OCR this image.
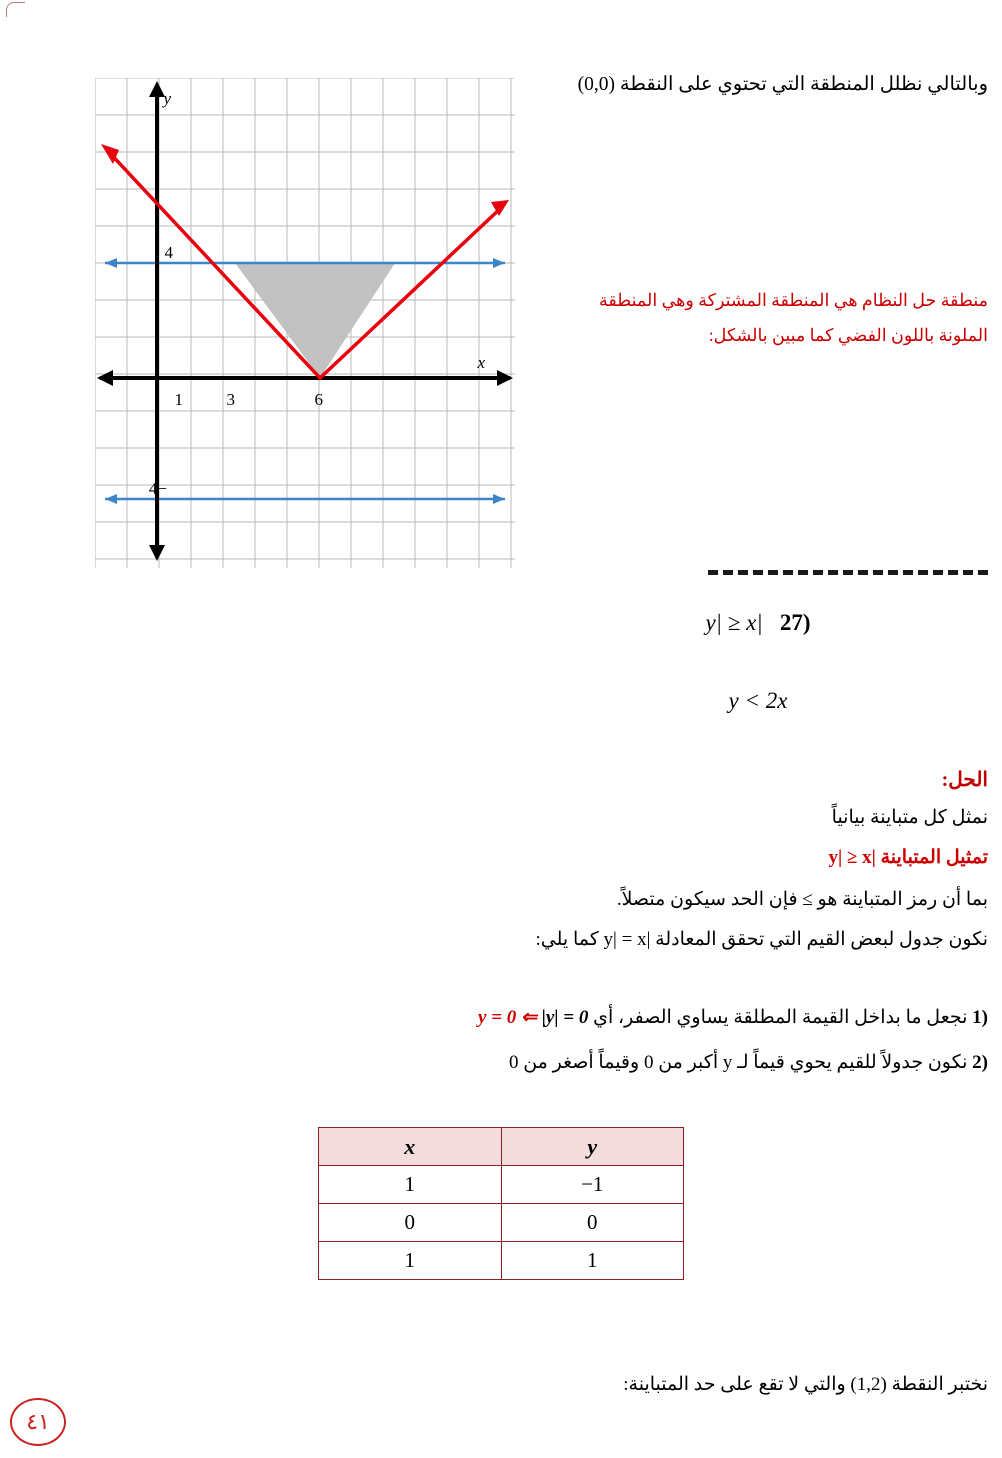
4
−4
1	3	6
y
x
وبالتالي نظلل المنطقة التي تحتوي على النقطة (0,0)
منطقة حل النظام هي المنطقة المشتركة وهي المنطقة
الملونة باللون الفضي كما مبين بالشكل:
(27   |y| ≥ x
y < 2x
الحل:
نمثل كل متباينة بيانياً
تمثيل المتباينة |y| ≥ x
بما أن رمز المتباينة هو ≥ فإن الحد سيكون متصلاً.
نكون جدول لبعض القيم التي تحقق المعادلة |y| = x كما يلي:
(1 نجعل ما بداخل القيمة المطلقة يساوي الصفر، أي y = 0 ⇐ |y| = 0
(2 نكون جدولاً للقيم يحوي قيماً لـ y أكبر من 0 وقيماً أصغر من 0
x	y
1	−1
0	0
1	1
نختبر النقطة (1,2) والتي لا تقع على حد المتباينة:
٤١
